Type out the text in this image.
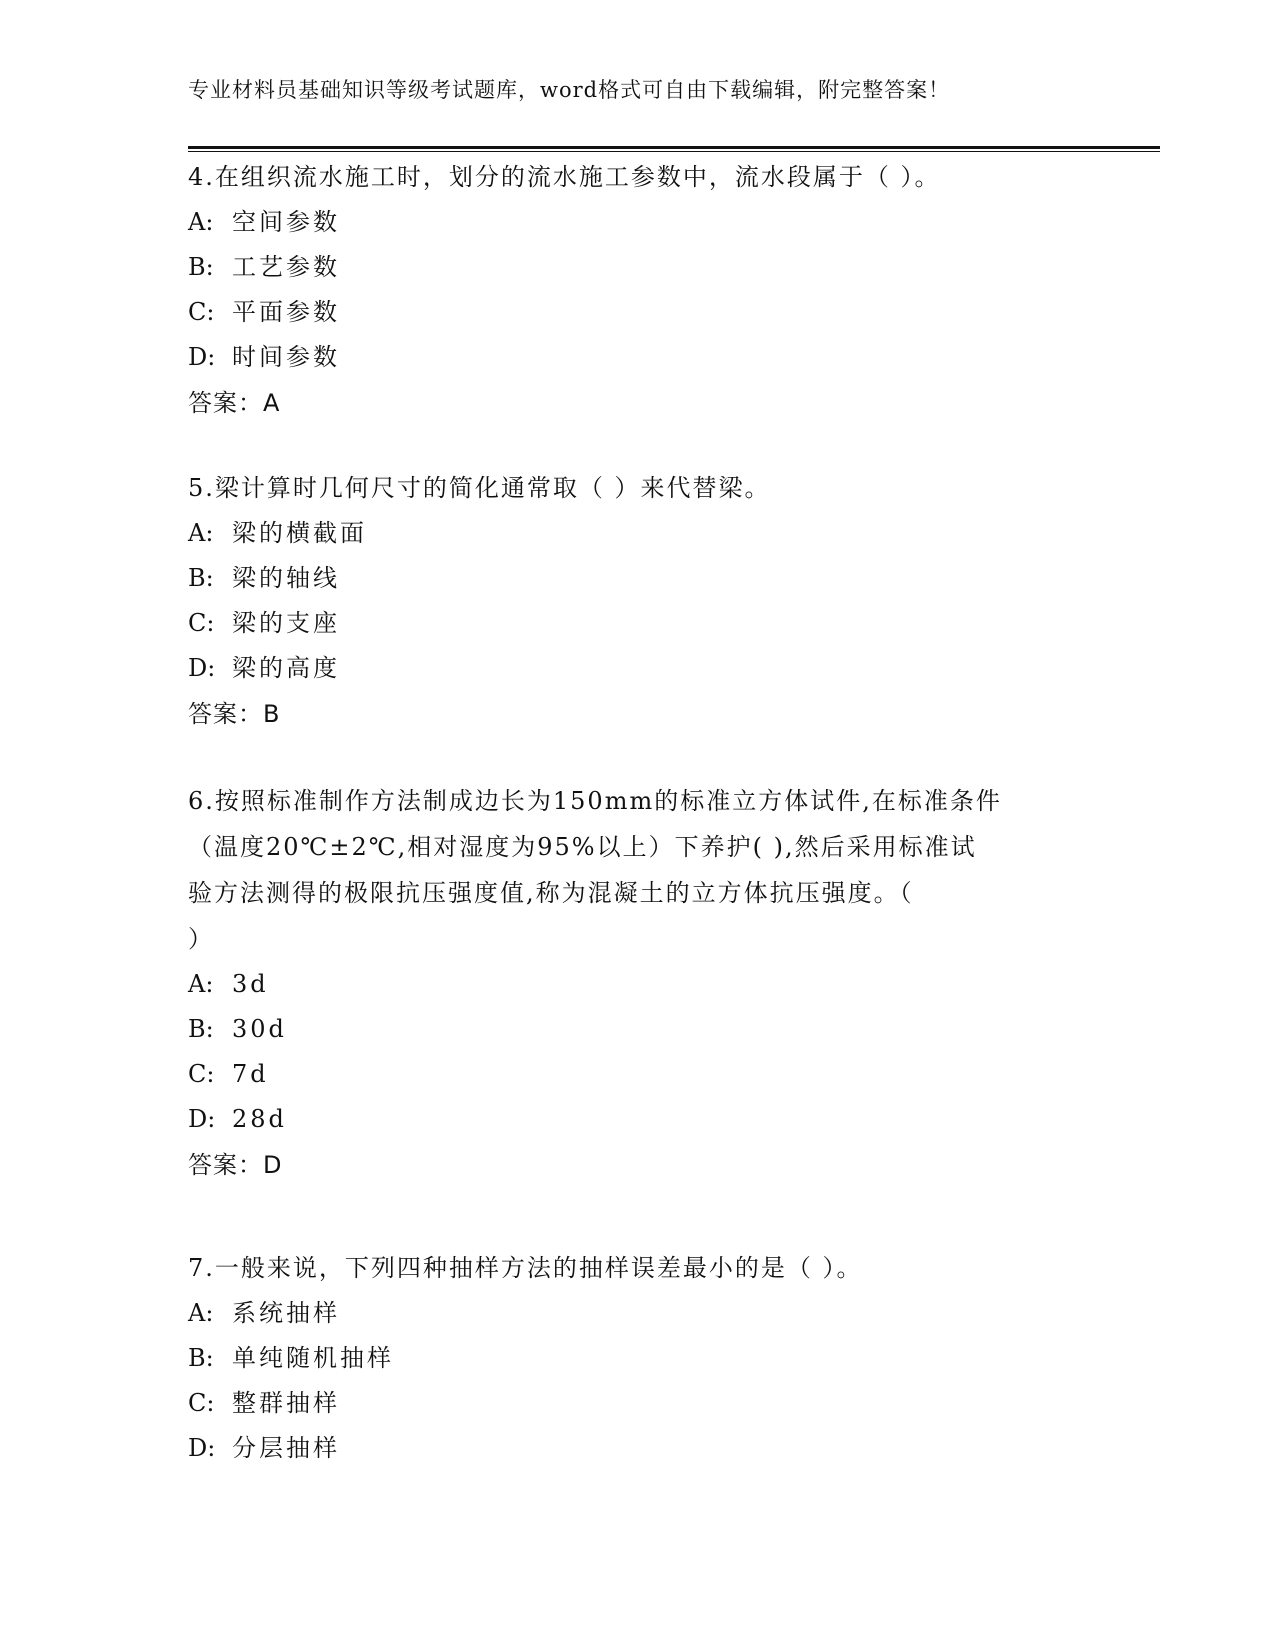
专业材料员基础知识等级考试题库，word格式可自由下载编辑，附完整答案！
4.在组织流水施工时，划分的流水施工参数中，流水段属于（ ）。
A: 空间参数
B: 工艺参数
C: 平面参数
D: 时间参数
答案：A
5.梁计算时几何尺寸的简化通常取（ ）来代替梁。
A: 梁的横截面
B: 梁的轴线
C: 梁的支座
D: 梁的高度
答案：B
6.按照标准制作方法制成边长为150mm的标准立方体试件,在标准条件
（温度20℃±2℃,相对湿度为95%以上）下养护( ),然后采用标准试
验方法测得的极限抗压强度值,称为混凝土的立方体抗压强度。（
）
A: 3d
B: 30d
C: 7d
D: 28d
答案：D
7.一般来说，下列四种抽样方法的抽样误差最小的是（ ）。
A: 系统抽样
B: 单纯随机抽样
C: 整群抽样
D: 分层抽样
